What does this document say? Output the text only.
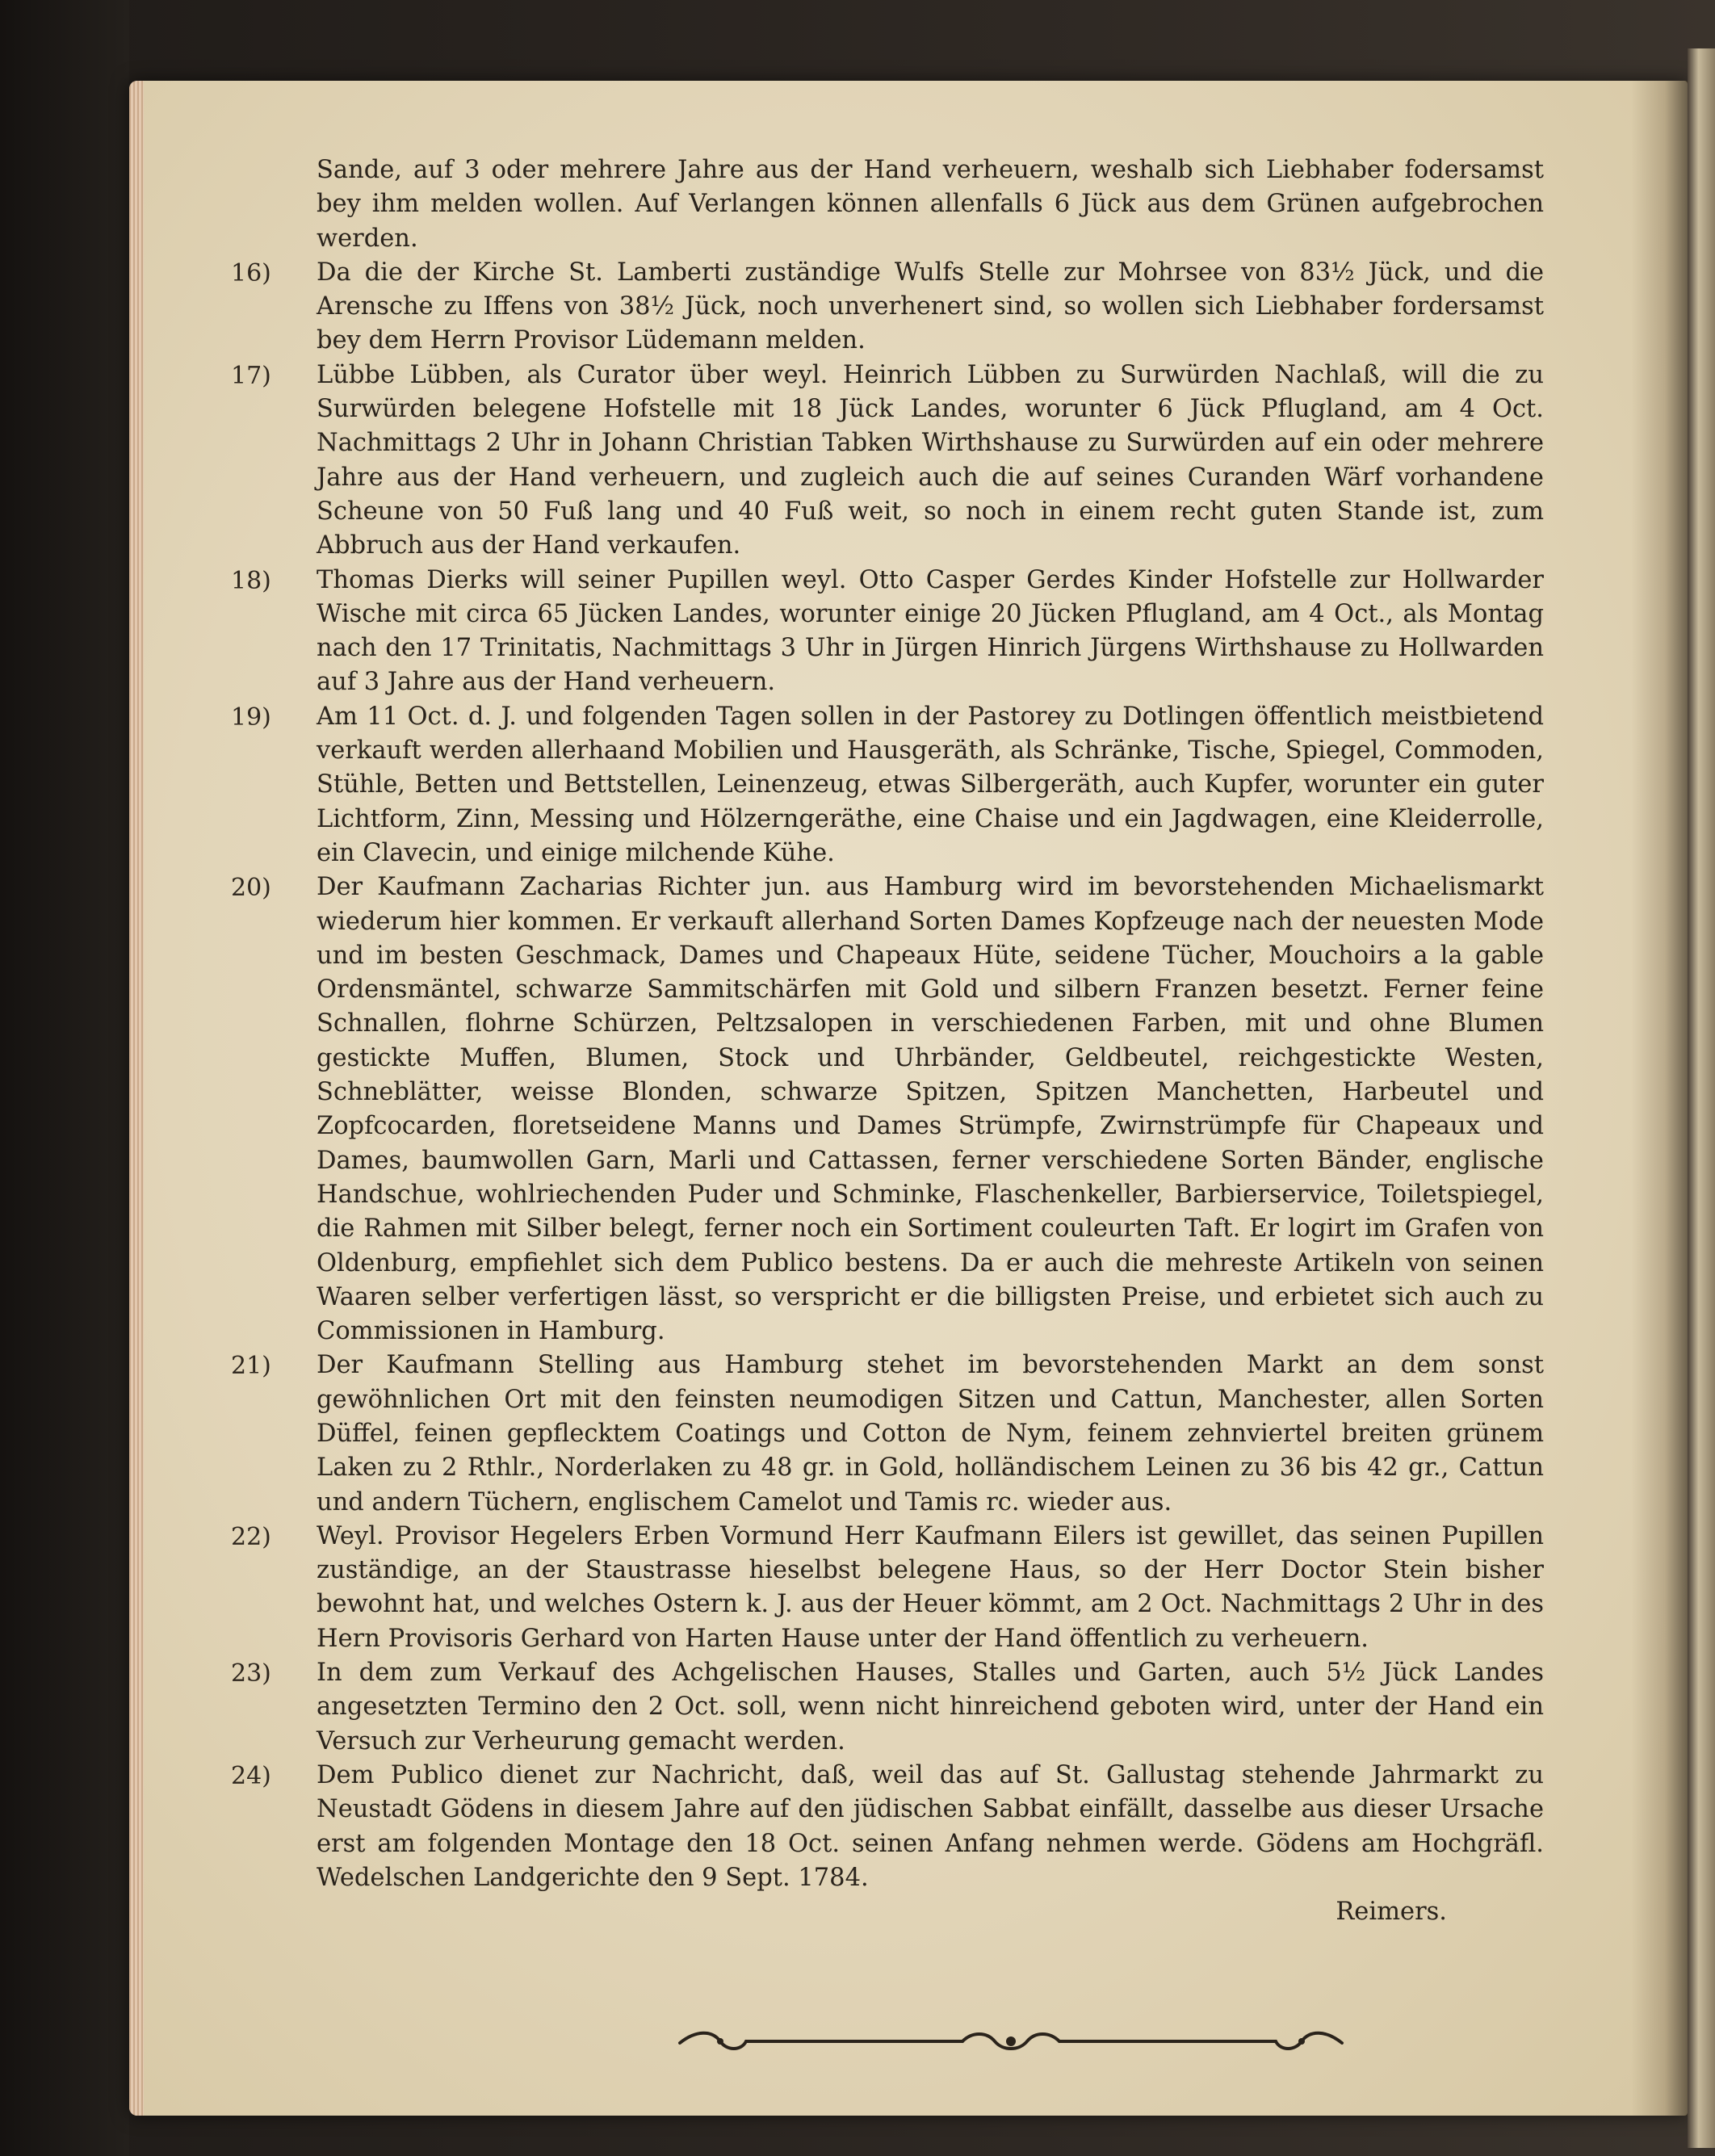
Sande, auf 3 oder mehrere Jahre aus der Hand verheuern, weshalb sich Liebhaber fodersamst bey ihm melden wollen. Auf Verlangen können allenfalls 6 Jück aus dem Grünen aufgebrochen werden.

16)	Da die der Kirche St. Lamberti zuständige Wulfs Stelle zur Mohrsee von 83½ Jück, und die Arensche zu Iffens von 38½ Jück, noch unverhenert sind, so wollen sich Liebhaber fordersamst bey dem Herrn Provisor Lüdemann melden.

17)	Lübbe Lübben, als Curator über weyl. Heinrich Lübben zu Surwürden Nachlaß, will die zu Surwürden belegene Hofstelle mit 18 Jück Landes, worunter 6 Jück Pflugland, am 4 Oct. Nachmittags 2 Uhr in Johann Christian Tabken Wirthshause zu Surwürden auf ein oder mehrere Jahre aus der Hand verheuern, und zugleich auch die auf seines Curanden Wärf vorhandene Scheune von 50 Fuß lang und 40 Fuß weit, so noch in einem recht guten Stande ist, zum Abbruch aus der Hand verkaufen.

18)	Thomas Dierks will seiner Pupillen weyl. Otto Casper Gerdes Kinder Hofstelle zur Hollwarder Wische mit circa 65 Jücken Landes, worunter einige 20 Jücken Pflugland, am 4 Oct., als Montag nach den 17 Trinitatis, Nachmittags 3 Uhr in Jürgen Hinrich Jürgens Wirthshause zu Hollwarden auf 3 Jahre aus der Hand verheuern.

19)	Am 11 Oct. d. J. und folgenden Tagen sollen in der Pastorey zu Dotlingen öffentlich meistbietend verkauft werden allerhaand Mobilien und Hausgeräth, als Schränke, Tische, Spiegel, Commoden, Stühle, Betten und Bettstellen, Leinenzeug, etwas Silbergeräth, auch Kupfer, worunter ein guter Lichtform, Zinn, Messing und Hölzerngeräthe, eine Chaise und ein Jagdwagen, eine Kleiderrolle, ein Clavecin, und einige milchende Kühe.

20)	Der Kaufmann Zacharias Richter jun. aus Hamburg wird im bevorstehenden Michaelismarkt wiederum hier kommen. Er verkauft allerhand Sorten Dames Kopfzeuge nach der neuesten Mode und im besten Geschmack, Dames und Chapeaux Hüte, seidene Tücher, Mouchoirs a la gable Ordensmäntel, schwarze Sammitschärfen mit Gold und silbern Franzen besetzt. Ferner feine Schnallen, flohrne Schürzen, Peltzsalopen in verschiedenen Farben, mit und ohne Blumen gestickte Muffen, Blumen, Stock und Uhrbänder, Geldbeutel, reichgestickte Westen, Schneblätter, weisse Blonden, schwarze Spitzen, Spitzen Manchetten, Harbeutel und Zopfcocarden, floretseidene Manns und Dames Strümpfe, Zwirnstrümpfe für Chapeaux und Dames, baumwollen Garn, Marli und Cattassen, ferner verschiedene Sorten Bänder, englische Handschue, wohlriechenden Puder und Schminke, Flaschenkeller, Barbierservice, Toiletspiegel, die Rahmen mit Silber belegt, ferner noch ein Sortiment couleurten Taft. Er logirt im Grafen von Oldenburg, empfiehlet sich dem Publico bestens. Da er auch die mehreste Artikeln von seinen Waaren selber verfertigen lässt, so verspricht er die billigsten Preise, und erbietet sich auch zu Commissionen in Hamburg.

21)	Der Kaufmann Stelling aus Hamburg stehet im bevorstehenden Markt an dem sonst gewöhnlichen Ort mit den feinsten neumodigen Sitzen und Cattun, Manchester, allen Sorten Düffel, feinen gepflecktem Coatings und Cotton de Nym, feinem zehnviertel breiten grünem Laken zu 2 Rthlr., Norderlaken zu 48 gr. in Gold, holländischem Leinen zu 36 bis 42 gr., Cattun und andern Tüchern, englischem Camelot und Tamis rc. wieder aus.

22)	Weyl. Provisor Hegelers Erben Vormund Herr Kaufmann Eilers ist gewillet, das seinen Pupillen zuständige, an der Staustrasse hieselbst belegene Haus, so der Herr Doctor Stein bisher bewohnt hat, und welches Ostern k. J. aus der Heuer kömmt, am 2 Oct. Nachmittags 2 Uhr in des Hern Provisoris Gerhard von Harten Hause unter der Hand öffentlich zu verheuern.

23)	In dem zum Verkauf des Achgelischen Hauses, Stalles und Garten, auch 5½ Jück Landes angesetzten Termino den 2 Oct. soll, wenn nicht hinreichend geboten wird, unter der Hand ein Versuch zur Verheurung gemacht werden.

24)	Dem Publico dienet zur Nachricht, daß, weil das auf St. Gallustag stehende Jahrmarkt zu Neustadt Gödens in diesem Jahre auf den jüdischen Sabbat einfällt, dasselbe aus dieser Ursache erst am folgenden Montage den 18 Oct. seinen Anfang nehmen werde. Gödens am Hochgräfl. Wedelschen Landgerichte den 9 Sept. 1784.

Reimers.
